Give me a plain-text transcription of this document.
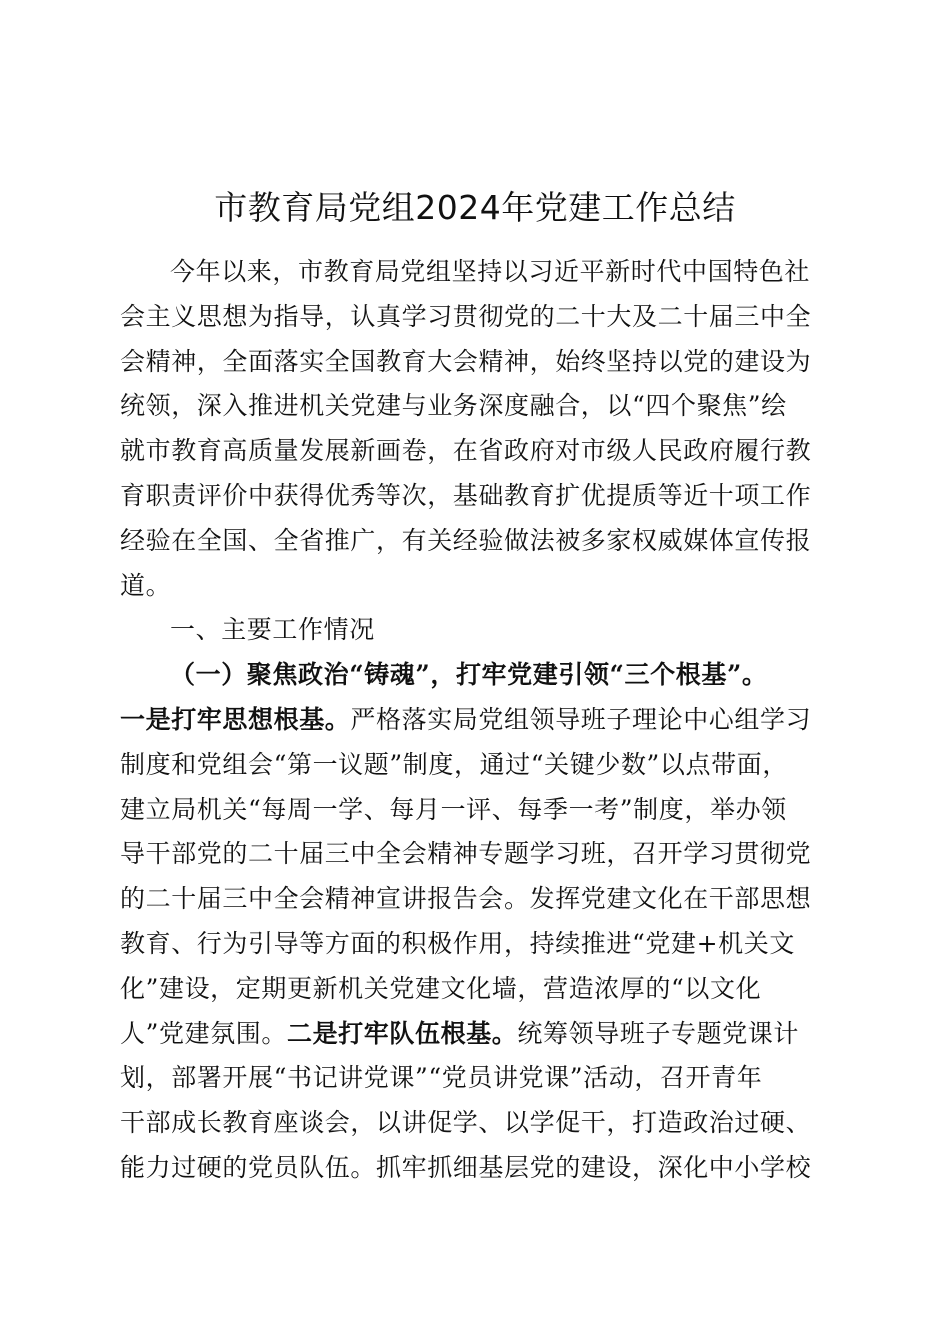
市教育局党组2024年党建工作总结
今年以来，市教育局党组坚持以习近平新时代中国特色社
会主义思想为指导，认真学习贯彻党的二十大及二十届三中全
会精神，全面落实全国教育大会精神，始终坚持以党的建设为
统领，深入推进机关党建与业务深度融合，以“四个聚焦”绘
就市教育高质量发展新画卷，在省政府对市级人民政府履行教
育职责评价中获得优秀等次，基础教育扩优提质等近十项工作
经验在全国、全省推广，有关经验做法被多家权威媒体宣传报
道。
一、主要工作情况
（一）聚焦政治“铸魂”，打牢党建引领“三个根基”。
一是打牢思想根基。严格落实局党组领导班子理论中心组学习
制度和党组会“第一议题”制度，通过“关键少数”以点带面，
建立局机关“每周一学、每月一评、每季一考”制度，举办领
导干部党的二十届三中全会精神专题学习班，召开学习贯彻党
的二十届三中全会精神宣讲报告会。发挥党建文化在干部思想
教育、行为引导等方面的积极作用，持续推进“党建+机关文
化”建设，定期更新机关党建文化墙，营造浓厚的“以文化
人”党建氛围。二是打牢队伍根基。统筹领导班子专题党课计
划，部署开展“书记讲党课”“党员讲党课”活动，召开青年
干部成长教育座谈会，以讲促学、以学促干，打造政治过硬、
能力过硬的党员队伍。抓牢抓细基层党的建设，深化中小学校
